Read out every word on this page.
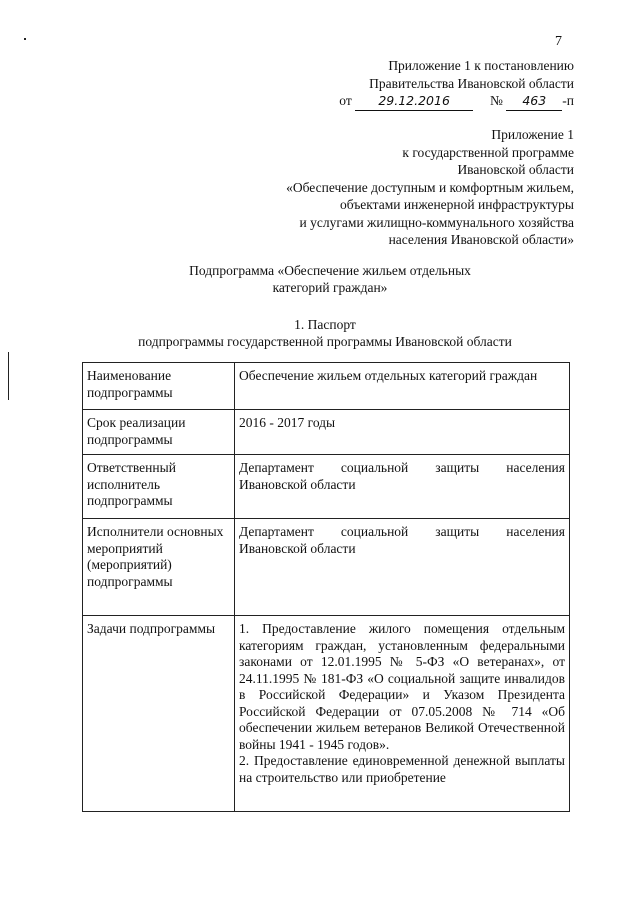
7
Приложение 1 к постановлению
Правительства Ивановской области
от 29.12.2016	№ 463 -п
Приложение 1
к государственной программе
Ивановской области
«Обеспечение доступным и комфортным жильем,
объектами инженерной инфраструктуры
и услугами жилищно-коммунального хозяйства
населения Ивановской области»
Подпрограмма «Обеспечение жильем отдельных
категорий граждан»
1. Паспорт
подпрограммы государственной программы Ивановской области
Наименование подпрограммы	Обеспечение жильем отдельных категорий граждан
Срок реализации подпрограммы	2016 - 2017 годы
Ответственный исполнитель подпрограммы	Департамент социальной защиты населения Ивановской области
Исполнители основных мероприятий (мероприятий) подпрограммы	Департамент социальной защиты населения Ивановской области
Задачи подпрограммы	1. Предоставление жилого помещения отдельным категориям граждан, установленным федеральными законами от 12.01.1995 № 5-ФЗ «О ветеранах», от 24.11.1995 № 181-ФЗ «О социальной защите инвалидов в Российской Федерации» и Указом Президента Российской Федерации от 07.05.2008 № 714 «Об обеспечении жильем ветеранов Великой Отечественной войны 1941 - 1945 годов».
2. Предоставление единовременной денежной выплаты на строительство или приобретение
